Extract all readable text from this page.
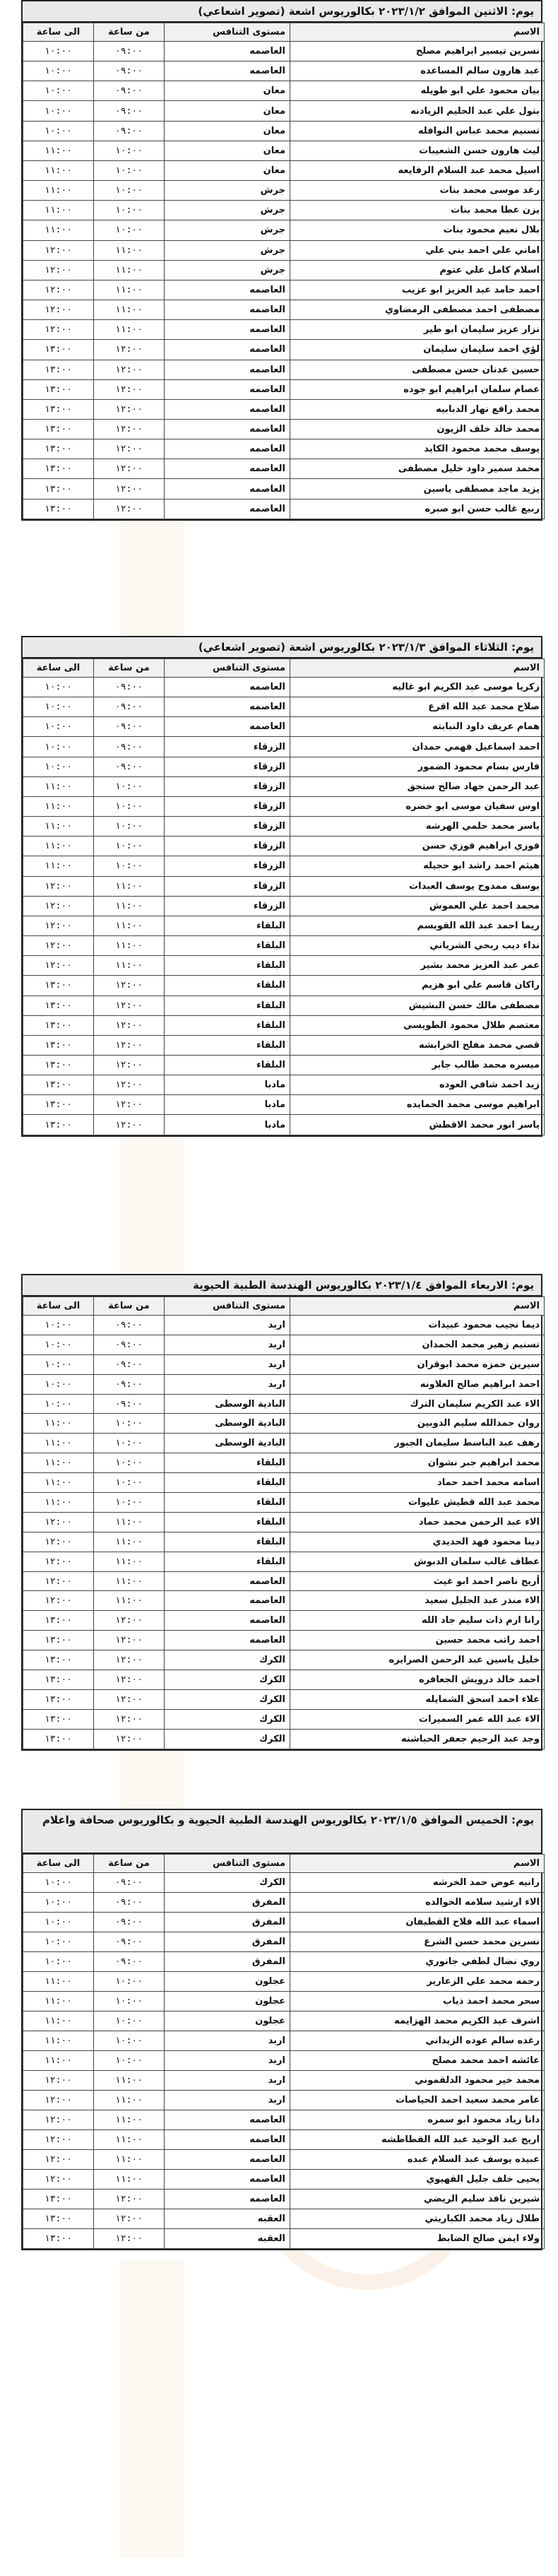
يوم: الاثنين الموافق ٢٠٢٣/١/٢ بكالوريوس اشعة (تصوير اشعاعي)
الاسم	مستوى التنافس	من ساعة	الى ساعة
نسرين تيسير ابراهيم مصلح	العاصمه	٠٩:٠٠	١٠:٠٠
عبد هارون سالم المساعده	العاصمه	٠٩:٠٠	١٠:٠٠
بيان محمود علي ابو طويله	معان	٠٩:٠٠	١٠:٠٠
بتول علي عبد الحليم الزيادنه	معان	٠٩:٠٠	١٠:٠٠
تسنيم محمد عباس النوافله	معان	٠٩:٠٠	١٠:٠٠
ليث هارون حسن الشعيبات	معان	١٠:٠٠	١١:٠٠
اسيل محمد عبد السلام الرفايعه	معان	١٠:٠٠	١١:٠٠
رغد موسى محمد بنات	جرش	١٠:٠٠	١١:٠٠
يزن عطا محمد بنات	جرش	١٠:٠٠	١١:٠٠
بلال نعيم محمود بنات	جرش	١٠:٠٠	١١:٠٠
اماني علي احمد بني علي	جرش	١١:٠٠	١٢:٠٠
اسلام كامل علي عتوم	جرش	١١:٠٠	١٢:٠٠
احمد حامد عبد العزيز ابو عزيب	العاصمه	١١:٠٠	١٢:٠٠
مصطفى احمد مصطفى الرمضاوي	العاصمه	١١:٠٠	١٢:٠٠
نزار عزيز سليمان ابو طير	العاصمه	١١:٠٠	١٢:٠٠
لؤي احمد سليمان سليمان	العاصمه	١٢:٠٠	١٣:٠٠
حسين عدنان حسن مصطفى	العاصمه	١٢:٠٠	١٣:٠٠
عصام سلمان ابراهيم ابو جوده	العاصمه	١٢:٠٠	١٣:٠٠
محمد رافع نهار الدبابيه	العاصمه	١٢:٠٠	١٣:٠٠
محمد خالد خلف الزيون	العاصمه	١٢:٠٠	١٣:٠٠
يوسف محمد محمود الكايد	العاصمه	١٢:٠٠	١٣:٠٠
محمد سمير داود خليل مصطفى	العاصمه	١٢:٠٠	١٣:٠٠
يزيد ماجد مصطفى ياسين	العاصمه	١٢:٠٠	١٣:٠٠
ربيع غالب حسن ابو صبره	العاصمه	١٢:٠٠	١٣:٠٠
يوم: الثلاثاء الموافق ٢٠٢٣/١/٣ بكالوريوس اشعة (تصوير اشعاعي)
الاسم	مستوى التنافس	من ساعة	الى ساعة
زكريا موسى عبد الكريم ابو غاليه	العاصمه	٠٩:٠٠	١٠:٠٠
صلاح محمد عبد الله اقرع	العاصمه	٠٩:٠٠	١٠:٠٠
همام عريف داود النبابته	العاصمه	٠٩:٠٠	١٠:٠٠
احمد اسماعيل فهمي حمدان	الزرقاء	٠٩:٠٠	١٠:٠٠
فارس بسام محمود الضمور	الزرقاء	٠٩:٠٠	١٠:٠٠
عبد الرحمن جهاد صالح سنجق	الزرقاء	١٠:٠٠	١١:٠٠
اوس سفيان موسى ابو خضره	الزرقاء	١٠:٠٠	١١:٠٠
ياسر محمد حلمي الهرشه	الزرقاء	١٠:٠٠	١١:٠٠
فوزي ابراهيم فوزي حسن	الزرقاء	١٠:٠٠	١١:٠٠
هيثم احمد راشد ابو حجيله	الزرقاء	١٠:٠٠	١١:٠٠
يوسف ممدوح يوسف العبدات	الزرقاء	١١:٠٠	١٢:٠٠
محمد احمد علي العموش	الزرقاء	١١:٠٠	١٢:٠٠
ريما احمد عبد الله القويسم	البلقاء	١١:٠٠	١٢:٠٠
نداء ديب ربحي الشرياني	البلقاء	١١:٠٠	١٢:٠٠
عمر عبد العزيز محمد بشير	البلقاء	١١:٠٠	١٢:٠٠
راكان قاسم علي ابو هزيم	البلقاء	١٢:٠٠	١٣:٠٠
مصطفى مالك حسن البشيش	البلقاء	١٢:٠٠	١٣:٠٠
معتصم طلال محمود الطويسي	البلقاء	١٢:٠٠	١٣:٠٠
قصي محمد مفلح الخرابشه	البلقاء	١٢:٠٠	١٣:٠٠
ميسره محمد طالب جابر	البلقاء	١٢:٠٠	١٣:٠٠
زيد احمد شافي العوده	مادبا	١٢:٠٠	١٣:٠٠
ابراهيم موسى محمد الحمايده	مادبا	١٢:٠٠	١٣:٠٠
ياسر انور محمد الاقطش	مادبا	١٢:٠٠	١٣:٠٠
يوم: الاربعاء الموافق ٢٠٢٣/١/٤ بكالوريوس الهندسة الطبية الحيوية
الاسم	مستوى التنافس	من ساعة	الى ساعة
ديما نجيب محمود عبيدات	اربد	٠٩:٠٠	١٠:٠٠
تسنيم زهير محمد الحمدان	اربد	٠٩:٠٠	١٠:٠٠
سيرين حمزه محمد ابوقران	اربد	٠٩:٠٠	١٠:٠٠
احمد ابراهيم صالح العلاونه	اربد	٠٩:٠٠	١٠:٠٠
الاء عبد الكريم سليمان الترك	البادية الوسطى	٠٩:٠٠	١٠:٠٠
روان حمدالله سليم الدوبين	البادية الوسطى	١٠:٠٠	١١:٠٠
رهف عبد الباسط سليمان الجبور	البادية الوسطى	١٠:٠٠	١١:٠٠
محمد ابراهيم جبر نشوان	البلقاء	١٠:٠٠	١١:٠٠
اسامه محمد احمد حماد	البلقاء	١٠:٠٠	١١:٠٠
محمد عبد الله قطيش عليوات	البلقاء	١٠:٠٠	١١:٠٠
الاء عبد الرحمن محمد حماد	البلقاء	١١:٠٠	١٢:٠٠
دينا محمود فهد الحديدي	البلقاء	١١:٠٠	١٢:٠٠
عطاف غالب سلمان الدبوش	البلقاء	١١:٠٠	١٢:٠٠
أريج ناصر احمد ابو غيث	العاصمه	١١:٠٠	١٢:٠٠
الاء منذر عبد الجليل سعيد	العاصمه	١١:٠٠	١٢:٠٠
رانا ارم ذات سليم جاد الله	العاصمه	١٢:٠٠	١٣:٠٠
احمد راتب محمد حسين	العاصمه	١٢:٠٠	١٣:٠٠
خليل ياسين عبد الرحمن الصرايره	الكرك	١٢:٠٠	١٣:٠٠
احمد خالد درويش الجعافره	الكرك	١٢:٠٠	١٣:٠٠
علاء احمد اسحق الشمايله	الكرك	١٢:٠٠	١٣:٠٠
الاء عبد الله عمر السميرات	الكرك	١٢:٠٠	١٣:٠٠
وجد عبد الرحيم جعفر الحباشنه	الكرك	١٢:٠٠	١٣:٠٠
يوم: الخميس الموافق ٢٠٢٣/١/٥ بكالوريوس الهندسة الطبية الحيوية و بكالوريوس صحافة واعلام
الاسم	مستوى التنافس	من ساعة	الى ساعة
رانيه عوض حمد الخرشه	الكرك	٠٩:٠٠	١٠:٠٠
الاء ارشيد سلامه الخوالده	المفرق	٠٩:٠٠	١٠:٠٠
اسماء عبد الله فلاح القطيفان	المفرق	٠٩:٠٠	١٠:٠٠
نسرين محمد حسن الشرع	المفرق	٠٩:٠٠	١٠:٠٠
روي نضال لطفي جانوري	المفرق	٠٩:٠٠	١٠:٠٠
رحمه محمد علي الزعارير	عجلون	١٠:٠٠	١١:٠٠
سحر محمد احمد ذياب	عجلون	١٠:٠٠	١١:٠٠
اشرف عبد الكريم محمد الهزايمه	عجلون	١٠:٠٠	١١:٠٠
رغده سالم عوده الزيداني	اربد	١٠:٠٠	١١:٠٠
عائشه احمد محمد مصلح	اربد	١٠:٠٠	١١:٠٠
محمد خير محمود الدلقموني	اربد	١١:٠٠	١٢:٠٠
عامر محمد سعيد احمد الحياصات	اربد	١١:٠٠	١٢:٠٠
دانا زياد محمود ابو سمره	العاصمه	١١:٠٠	١٢:٠٠
اريج عبد الوحيد عبد الله القطاطشه	العاصمه	١١:٠٠	١٢:٠٠
عبيده يوسف عبد السلام عبده	العاصمه	١١:٠٠	١٢:٠٠
يحيى خلف جليل القهيوي	العاصمه	١١:٠٠	١٢:٠٠
شيرين نافذ سليم الريضي	العاصمه	١٢:٠٠	١٣:٠٠
طلال زياد محمد الكباريتي	العقبه	١٢:٠٠	١٣:٠٠
ولاء ايمن صالح الضابط	العقبه	١٢:٠٠	١٣:٠٠
